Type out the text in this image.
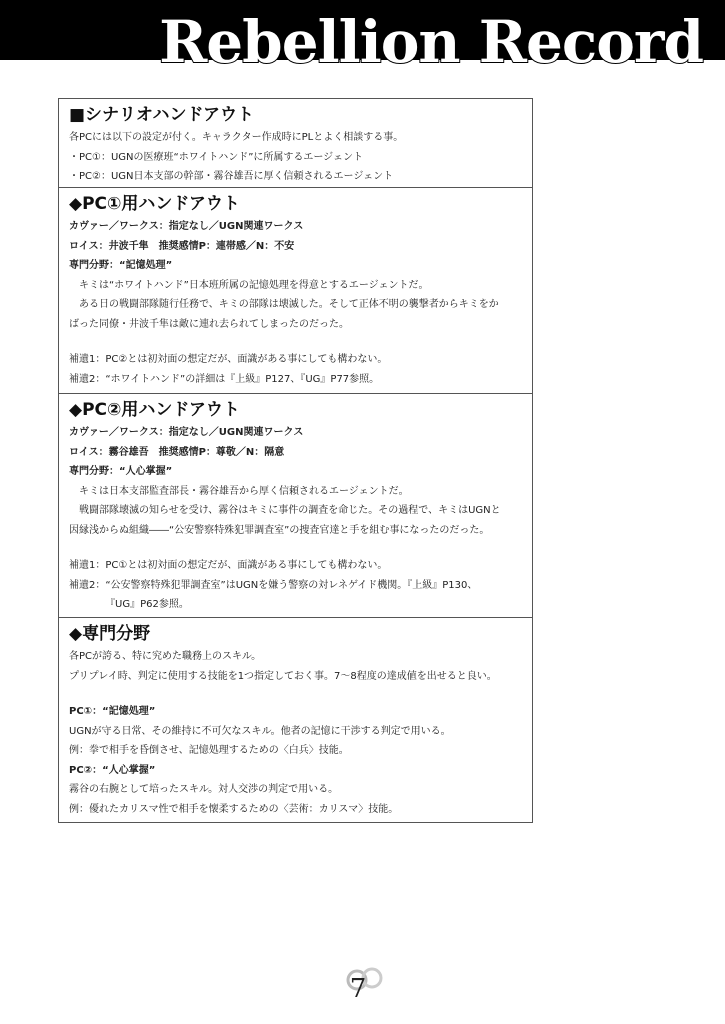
Rebellion Record
■シナリオハンドアウト
各PCには以下の設定が付く。キャラクター作成時にPLとよく相談する事。
・PC①：UGNの医療班“ホワイトハンド”に所属するエージェント
・PC②：UGN日本支部の幹部・霧谷雄吾に厚く信頼されるエージェント
◆PC①用ハンドアウト
カヴァー／ワークス：指定なし／UGN関連ワークス
ロイス：井波千隼　推奨感情P：連帯感／N：不安
専門分野：“記憶処理”
　キミは“ホワイトハンド”日本班所属の記憶処理を得意とするエージェントだ。
　ある日の戦闘部隊随行任務で、キミの部隊は壊滅した。そして正体不明の襲撃者からキミをか
ばった同僚・井波千隼は敵に連れ去られてしまったのだった。
補遺1：PC②とは初対面の想定だが、面識がある事にしても構わない。
補遺2：“ホワイトハンド”の詳細は『上級』P127、『UG』P77参照。
◆PC②用ハンドアウト
カヴァー／ワークス：指定なし／UGN関連ワークス
ロイス：霧谷雄吾　推奨感情P：尊敬／N：隔意
専門分野：“人心掌握”
　キミは日本支部監査部長・霧谷雄吾から厚く信頼されるエージェントだ。
　戦闘部隊壊滅の知らせを受け、霧谷はキミに事件の調査を命じた。その過程で、キミはUGNと
因縁浅からぬ組織――“公安警察特殊犯罪調査室”の捜査官達と手を組む事になったのだった。
補遺1：PC①とは初対面の想定だが、面識がある事にしても構わない。
補遺2：“公安警察特殊犯罪調査室”はUGNを嫌う警察の対レネゲイド機関。『上級』P130、
『UG』P62参照。
◆専門分野
各PCが誇る、特に究めた職務上のスキル。
プリプレイ時、判定に使用する技能を1つ指定しておく事。7～8程度の達成値を出せると良い。
PC①：“記憶処理”
UGNが守る日常、その維持に不可欠なスキル。他者の記憶に干渉する判定で用いる。
例：拳で相手を昏倒させ、記憶処理するための〈白兵〉技能。
PC②：“人心掌握”
霧谷の右腕として培ったスキル。対人交渉の判定で用いる。
例：優れたカリスマ性で相手を懐柔するための〈芸術：カリスマ〉技能。
7
